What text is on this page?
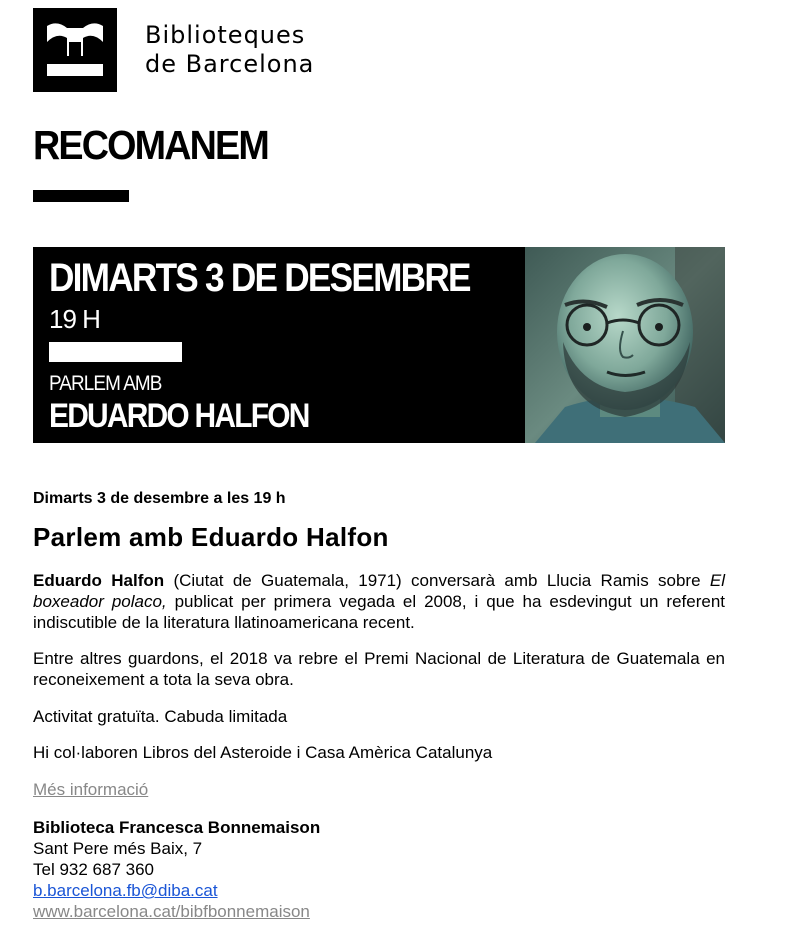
Biblioteques
de Barcelona
RECOMANEM
DIMARTS 3 DE DESEMBRE
19 H
PARLEM AMB
EDUARDO HALFON
Dimarts 3 de desembre a les 19 h
Parlem amb Eduardo Halfon
Eduardo Halfon (Ciutat de Guatemala, 1971) conversarà amb Llucia Ramis sobre El boxeador polaco, publicat per primera vegada el 2008, i que ha esdevingut un referent indiscutible de la literatura llatinoamericana recent.
Entre altres guardons, el 2018 va rebre el Premi Nacional de Literatura de Guatemala en reconeixement a tota la seva obra.
Activitat gratuïta. Cabuda limitada
Hi col·laboren Libros del Asteroide i Casa Amèrica Catalunya
Més informació
Biblioteca Francesca Bonnemaison
Sant Pere més Baix, 7
Tel 932 687 360
b.barcelona.fb@diba.cat
www.barcelona.cat/bibfbonnemaison
